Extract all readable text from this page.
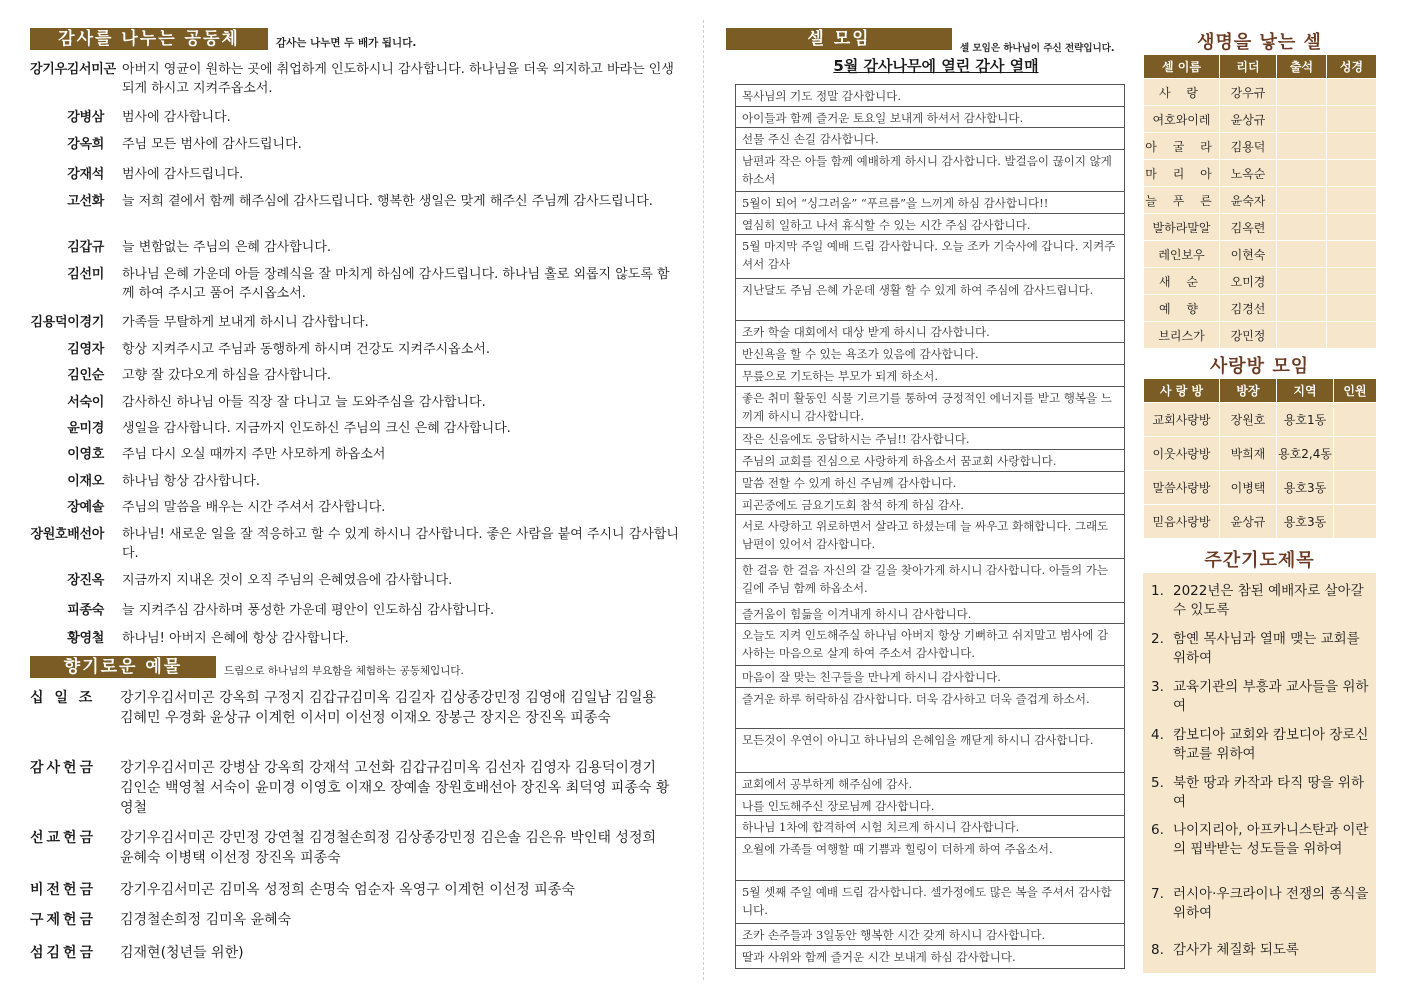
감사를 나누는 공동체	감사는 나누면 두 배가 됩니다.
강기우김서미곤 아버지 영균이 원하는 곳에 취업하게 인도하시니 감사합니다. 하나님을 더욱 의지하고 바라는 인생 되게 하시고 지켜주옵소서.
강병삼	범사에 감사합니다.
강옥희	주님 모든 범사에 감사드립니다.
강재석	범사에 감사드립니다.
고선화	늘 저희 곁에서 함께 해주심에 감사드립니다. 행복한 생일은 맞게 해주신 주님께 감사드립니다.
김갑규	늘 변함없는 주님의 은혜 감사합니다.
김선미	하나님 은혜 가운데 아들 장례식을 잘 마치게 하심에 감사드립니다. 하나님 홀로 외롭지 않도록 함께 하여 주시고 품어 주시옵소서.
김용덕이경기	가족들 무탈하게 보내게 하시니 감사합니다.
김영자	항상 지켜주시고 주님과 동행하게 하시며 건강도 지켜주시옵소서.
김인순	고향 잘 갔다오게 하심을 감사합니다.
서숙이	감사하신 하나님 아들 직장 잘 다니고 늘 도와주심을 감사합니다.
윤미경	생일을 감사합니다. 지금까지 인도하신 주님의 크신 은혜 감사합니다.
이영호	주님 다시 오실 때까지 주만 사모하게 하옵소서
이재오	하나님 항상 감사합니다.
장예솔	주님의 말씀을 배우는 시간 주셔서 감사합니다.
장원호배선아	하나님! 새로운 일을 잘 적응하고 할 수 있게 하시니 감사합니다. 좋은 사람을 붙여 주시니 감사합니다.
장진옥	지금까지 지내온 것이 오직 주님의 은혜였음에 감사합니다.
피종숙	늘 지켜주심 감사하며 풍성한 가운데 평안이 인도하심 감사합니다.
황영철	하나님! 아버지 은혜에 항상 감사합니다.
향기로운 예물	드림으로 하나님의 부요함을 체험하는 공동체입니다.
십 일 조	강기우김서미곤 강옥희 구정지 김갑규김미옥 김길자 김상종강민정 김영애 김일남 김일용 김혜민 우경화 윤상규 이계헌 이서미 이선정 이재오 장봉근 장지은 장진옥 피종숙
감사헌금	강기우김서미곤 강병삼 강옥희 강재석 고선화 김갑규김미옥 김선자 김영자 김용덕이경기 김인순 백영철 서숙이 윤미경 이영호 이재오 장예솔 장원호배선아 장진옥 최덕영 피종숙 황영철
선교헌금	강기우김서미곤 강민정 강연철 김경철손희정 김상종강민정 김은솔 김은유 박인태 성정희 윤혜숙 이병택 이선정 장진옥 피종숙
비전헌금	강기우김서미곤 김미옥 성정희 손명숙 엄순자 옥영구 이계헌 이선정 피종숙
구제헌금	김경철손희정 김미옥 윤혜숙
섬김헌금	김재현(청년들 위한)
셀 모임	셀 모임은 하나님이 주신 전략입니다.
5월 감사나무에 열린 감사 열매
목사님의 기도 정말 감사합니다.
아이들과 함께 즐거운 토요일 보내게 하셔서 감사합니다.
선물 주신 손길 감사합니다.
남편과 작은 아들 함께 예배하게 하시니 감사합니다. 발걸음이 끊이지 않게 하소서
5월이 되어 “싱그러움” “푸르름”을 느끼게 하심 감사합니다!!
열심히 일하고 나서 휴식할 수 있는 시간 주심 감사합니다.
5월 마지막 주일 예배 드림 감사합니다. 오늘 조카 기숙사에 갑니다. 지켜주셔서 감사
지난달도 주님 은혜 가운데 생활 할 수 있게 하여 주심에 감사드립니다.
조카 학술 대회에서 대상 받게 하시니 감사합니다.
반신욕을 할 수 있는 욕조가 있음에 감사합니다.
무릎으로 기도하는 부모가 되게 하소서.
좋은 취미 활동인 식물 기르기를 통하여 긍정적인 에너지를 받고 행복을 느끼게 하시니 감사합니다.
작은 신음에도 응답하시는 주님!! 감사합니다.
주님의 교회를 진심으로 사랑하게 하옵소서 꿈교회 사랑합니다.
말씀 전할 수 있게 하신 주님께 감사합니다.
피곤중에도 금요기도회 참석 하게 하심 감사.
서로 사랑하고 위로하면서 살라고 하셨는데 늘 싸우고 화해합니다. 그래도 남편이 있어서 감사합니다.
한 걸음 한 걸음 자신의 갈 길을 찾아가게 하시니 감사합니다. 아들의 가는 길에 주님 함께 하옵소서.
즐거움이 힘듦을 이겨내게 하시니 감사합니다.
오늘도 지켜 인도해주실 하나님 아버지 항상 기뻐하고 쉬지말고 범사에 감사하는 마음으로 살게 하여 주소서 감사합니다.
마음이 잘 맞는 친구들을 만나게 하시니 감사합니다.
즐거운 하루 허락하심 감사합니다. 더욱 감사하고 더욱 즐겁게 하소서.
모든것이 우연이 아니고 하나님의 은혜임을 깨닫게 하시니 감사합니다.
교회에서 공부하게 해주심에 감사.
나를 인도해주신 장로님께 감사합니다.
하나님 1차에 합격하여 시험 치르게 하시니 감사합니다.
오월에 가족들 여행할 때 기쁨과 힐링이 더하게 하여 주옵소서.
5월 셋째 주일 예배 드림 감사합니다. 셀가정에도 많은 복을 주셔서 감사합니다.
조카 손주들과 3일동안 행복한 시간 갖게 하시니 감사합니다.
딸과 사위와 함께 즐거운 시간 보내게 하심 감사합니다.
생명을 낳는 셀
셀 이름	리더	출석	성경
사 랑	강우규		
여호와이레	윤상규		
아 굴 라	김용덕		
마 리 아	노옥순		
늘 푸 른	윤숙자		
발하라말알	김옥련		
레인보우	이현숙		
새 순	오미경		
예 향	김경선		
브리스가	강민정		
사랑방 모임
사 랑 방	방장	지역	인원
교회사랑방	장원호	용호1동	
이웃사랑방	박희재	용호2,4동	
말씀사랑방	이병택	용호3동	
믿음사랑방	윤상규	용호3동	
주간기도제목
1. 2022년은 참된 예배자로 살아갈 수 있도록
2. 함옌 목사님과 열매 맺는 교회를 위하여
3. 교육기관의 부흥과 교사들을 위하여
4. 캄보디아 교회와 캄보디아 장로신학교를 위하여
5. 북한 땅과 카작과 타직 땅을 위하여
6. 나이지리아, 아프카니스탄과 이란의 핍박받는 성도들을 위하여
7. 러시아·우크라이나 전쟁의 종식을 위하여
8. 감사가 체질화 되도록
